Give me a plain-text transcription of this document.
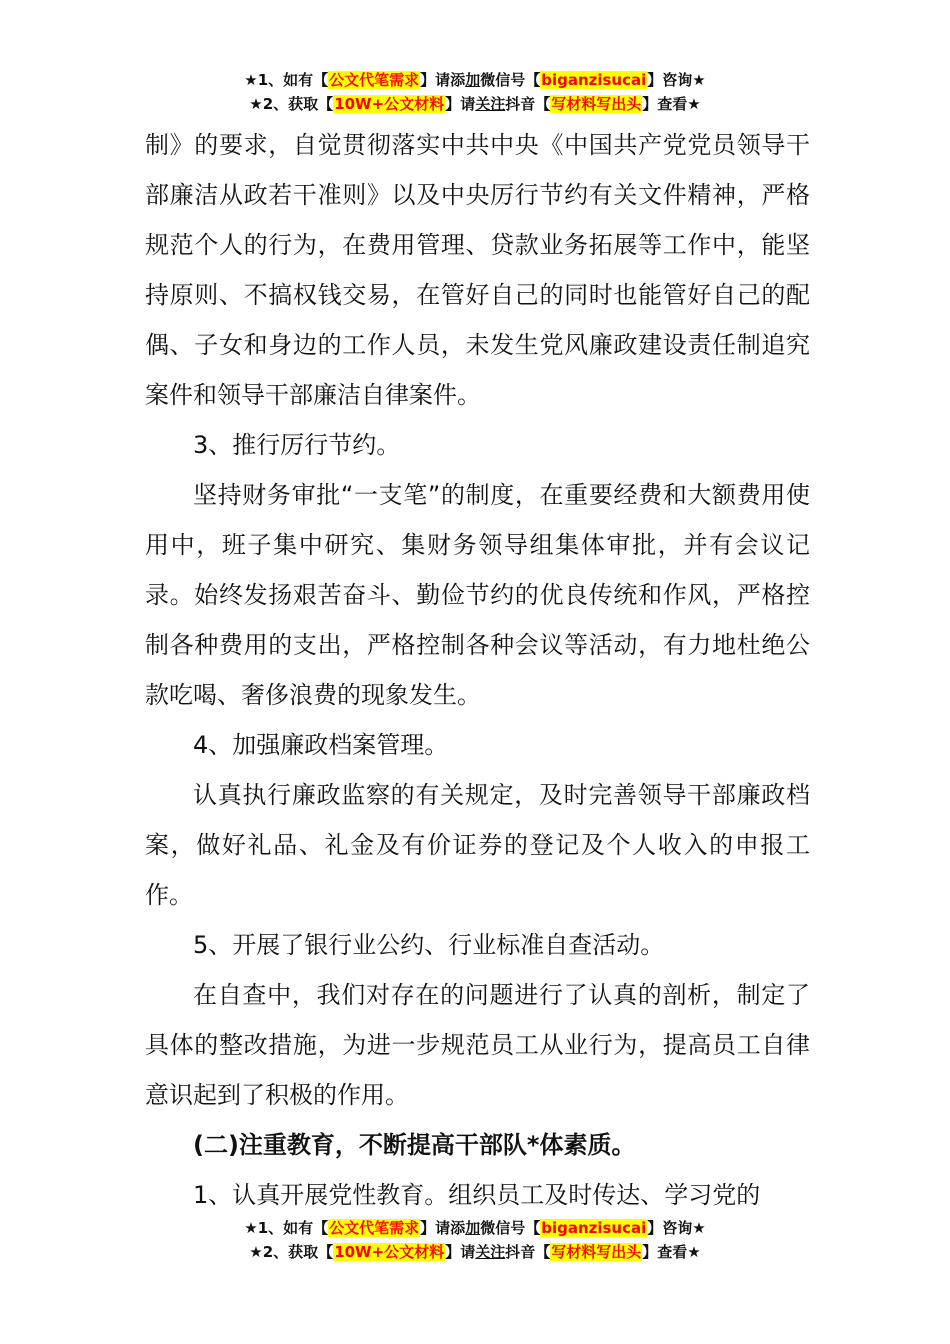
★1、如有【公文代笔需求】请添加微信号【biganzisucai】咨询★
★2、获取【10W+公文材料】请关注抖音【写材料写出头】查看★

制》的要求，自觉贯彻落实中共中央《中国共产党党员领导干部廉洁从政若干准则》以及中央厉行节约有关文件精神，严格规范个人的行为，在费用管理、贷款业务拓展等工作中，能坚持原则、不搞权钱交易，在管好自己的同时也能管好自己的配偶、子女和身边的工作人员，未发生党风廉政建设责任制追究案件和领导干部廉洁自律案件。

3、推行厉行节约。

坚持财务审批“一支笔”的制度，在重要经费和大额费用使用中，班子集中研究、集财务领导组集体审批，并有会议记录。始终发扬艰苦奋斗、勤俭节约的优良传统和作风，严格控制各种费用的支出，严格控制各种会议等活动，有力地杜绝公款吃喝、奢侈浪费的现象发生。

4、加强廉政档案管理。

认真执行廉政监察的有关规定，及时完善领导干部廉政档案，做好礼品、礼金及有价证券的登记及个人收入的申报工作。

5、开展了银行业公约、行业标准自查活动。

在自查中，我们对存在的问题进行了认真的剖析，制定了具体的整改措施，为进一步规范员工从业行为，提高员工自律意识起到了积极的作用。

(二)注重教育，不断提高干部队*体素质。

1、认真开展党性教育。组织员工及时传达、学习党的

★1、如有【公文代笔需求】请添加微信号【biganzisucai】咨询★
★2、获取【10W+公文材料】请关注抖音【写材料写出头】查看★
